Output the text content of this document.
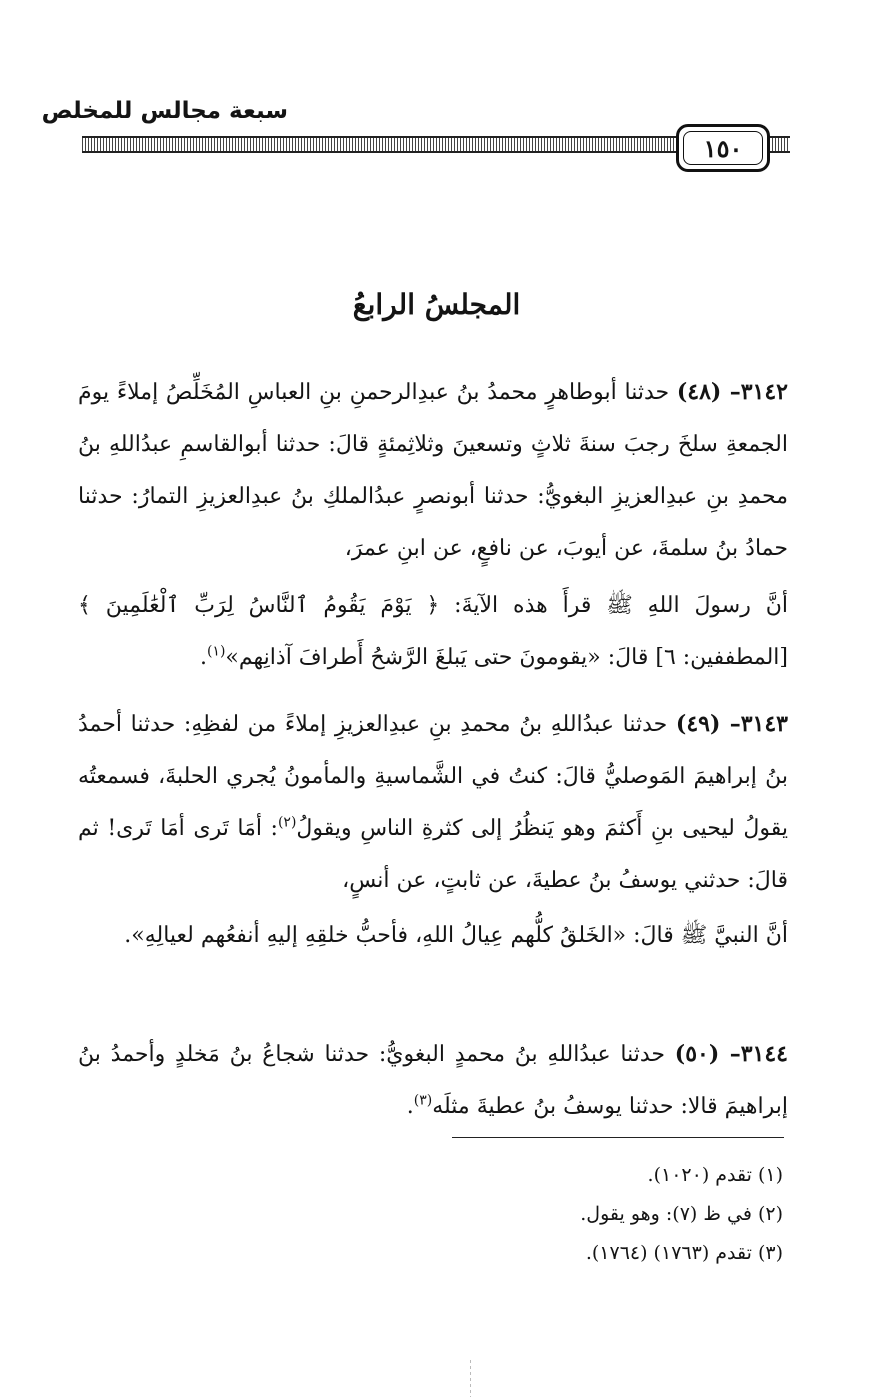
سبعة مجالس للمخلص
١٥٠
المجلسُ الرابعُ
٣١٤٢– (٤٨) حدثنا أبوطاهرٍ محمدُ بنُ عبدِالرحمنِ بنِ العباسِ المُخَلِّصُ إملاءً يومَ الجمعةِ سلخَ رجبَ سنةَ ثلاثٍ وتسعينَ وثلاثِمئةٍ قالَ: حدثنا أبوالقاسمِ عبدُاللهِ بنُ محمدِ بنِ عبدِالعزيزِ البغويُّ: حدثنا أبونصرٍ عبدُالملكِ بنُ عبدِالعزيزِ التمارُ: حدثنا حمادُ بنُ سلمةَ، عن أيوبَ، عن نافعٍ، عن ابنِ عمرَ،
أنَّ رسولَ اللهِ ﷺ قرأَ هذه الآيةَ: ﴿ يَوْمَ يَقُومُ ٱلنَّاسُ لِرَبِّ ٱلْعَٰلَمِينَ ﴾ [المطففين: ٦] قالَ: «يقومونَ حتى يَبلغَ الرَّشحُ أَطرافَ آذانِهم»$^{(١)}$.
٣١٤٣– (٤٩) حدثنا عبدُاللهِ بنُ محمدِ بنِ عبدِالعزيزِ إملاءً من لفظِهِ: حدثنا أحمدُ بنُ إبراهيمَ المَوصليُّ قالَ: كنتُ في الشَّماسيةِ والمأمونُ يُجري الحلبةَ، فسمعتُه يقولُ ليحيى بنِ أَكثمَ وهو يَنظُرُ إلى كثرةِ الناسِ ويقولُ$^{(٢)}$: أمَا تَرى أمَا تَرى! ثم قالَ: حدثني يوسفُ بنُ عطيةَ، عن ثابتٍ، عن أنسٍ،
أنَّ النبيَّ ﷺ قالَ: «الخَلقُ كلُّهم عِيالُ اللهِ، فأحبُّ خلقِهِ إليهِ أنفعُهم لعيالِهِ».
٣١٤٤– (٥٠) حدثنا عبدُاللهِ بنُ محمدٍ البغويُّ: حدثنا شجاعُ بنُ مَخلدٍ وأحمدُ بنُ إبراهيمَ قالا: حدثنا يوسفُ بنُ عطيةَ مثلَه$^{(٣)}$.
(١) تقدم (١٠٢٠).
(٢) في ظ (٧): وهو يقول.
(٣) تقدم (١٧٦٣) (١٧٦٤).
